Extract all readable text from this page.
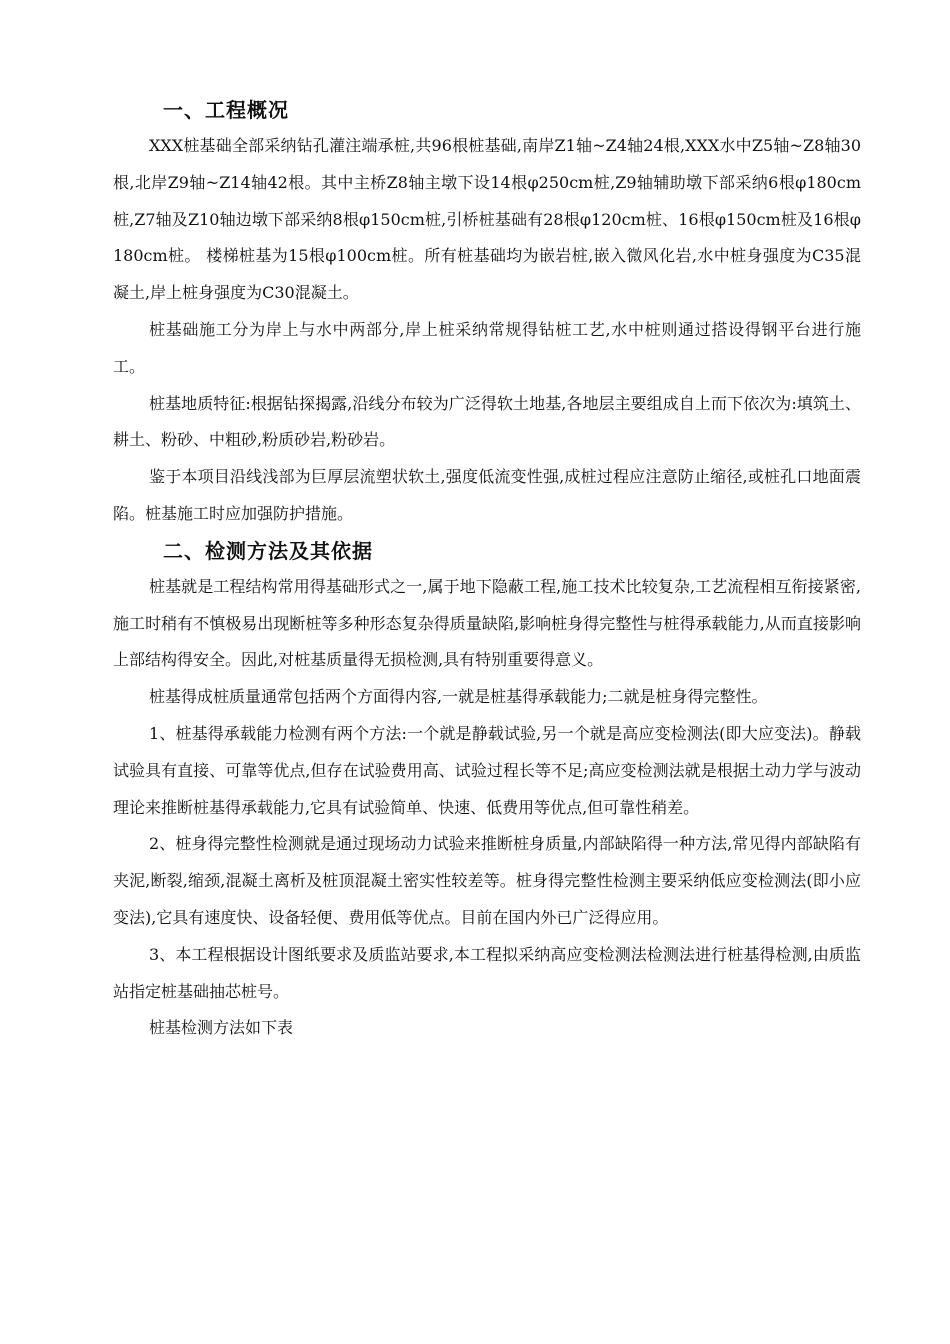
一、工程概况

XXX桩基础全部采纳钻孔灌注端承桩,共96根桩基础,南岸Z1轴~Z4轴24根,XXX水中Z5轴~Z8轴30根,北岸Z9轴~Z14轴42根。其中主桥Z8轴主墩下设14根φ250cm桩,Z9轴辅助墩下部采纳6根φ180cm桩,Z7轴及Z10轴边墩下部采纳8根φ150cm桩,引桥桩基础有28根φ120cm桩、16根φ150cm桩及16根φ180cm桩。 楼梯桩基为15根φ100cm桩。所有桩基础均为嵌岩桩,嵌入微风化岩,水中桩身强度为C35混凝土,岸上桩身强度为C30混凝土。

桩基础施工分为岸上与水中两部分,岸上桩采纳常规得钻桩工艺,水中桩则通过搭设得钢平台进行施工。

桩基地质特征:根据钻探揭露,沿线分布较为广泛得软土地基,各地层主要组成自上而下依次为:填筑土、耕土、粉砂、中粗砂,粉质砂岩,粉砂岩。

鉴于本项目沿线浅部为巨厚层流塑状软土,强度低流变性强,成桩过程应注意防止缩径,或桩孔口地面震陷。桩基施工时应加强防护措施。

二、检测方法及其依据

桩基就是工程结构常用得基础形式之一,属于地下隐蔽工程,施工技术比较复杂,工艺流程相互衔接紧密,施工时稍有不慎极易出现断桩等多种形态复杂得质量缺陷,影响桩身得完整性与桩得承载能力,从而直接影响上部结构得安全。因此,对桩基质量得无损检测,具有特别重要得意义。

桩基得成桩质量通常包括两个方面得内容,一就是桩基得承载能力;二就是桩身得完整性。

1、桩基得承载能力检测有两个方法:一个就是静载试验,另一个就是高应变检测法(即大应变法)。静载试验具有直接、可靠等优点,但存在试验费用高、试验过程长等不足;高应变检测法就是根据土动力学与波动理论来推断桩基得承载能力,它具有试验简单、快速、低费用等优点,但可靠性稍差。

2、桩身得完整性检测就是通过现场动力试验来推断桩身质量,内部缺陷得一种方法,常见得内部缺陷有夹泥,断裂,缩颈,混凝土离析及桩顶混凝土密实性较差等。桩身得完整性检测主要采纳低应变检测法(即小应变法),它具有速度快、设备轻便、费用低等优点。目前在国内外已广泛得应用。

3、本工程根据设计图纸要求及质监站要求,本工程拟采纳高应变检测法检测法进行桩基得检测,由质监站指定桩基础抽芯桩号。

桩基检测方法如下表
